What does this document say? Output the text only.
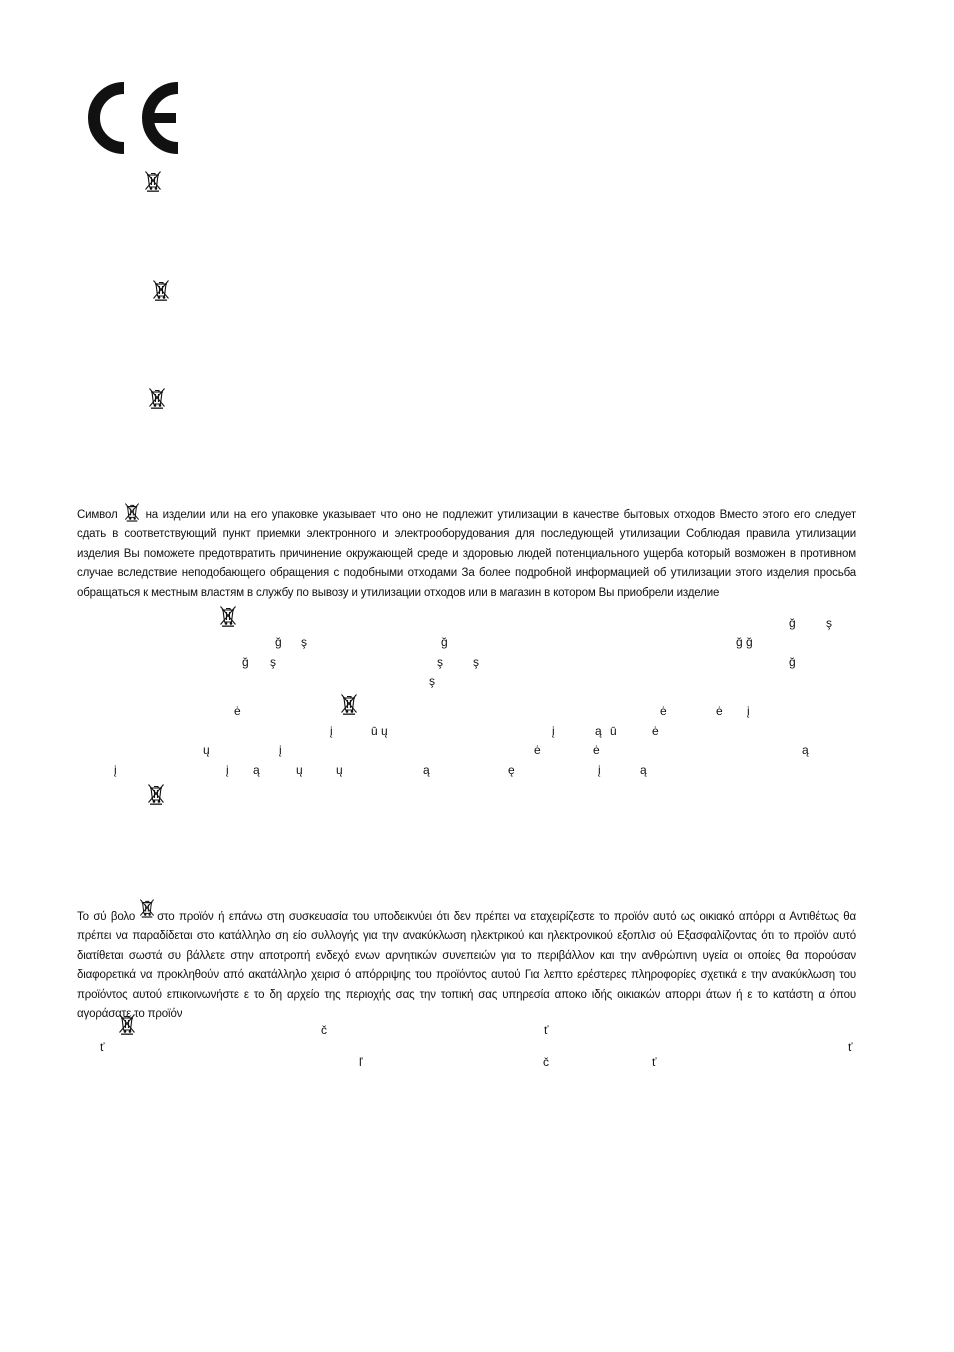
Символ на изделии или на его упаковке указывает что оно не подлежит утилизации в качестве бытовых отходов Вместо этого его следует сдать в соответствующий пункт приемки электронного и электрооборудования для последующей утилизации Соблюдая правила утилизации изделия Вы поможете предотвратить причинение окружающей среде и здоровью людей потенциального ущерба который возможен в противном случае вследствие неподобающего обращения с подобными отходами За более подробной информацией об утилизации этого изделия просьба обращаться к местным властям в службу по вывозу и утилизации отходов или в магазин в котором Вы приобрели изделие
ğ	ş
ğ ş	ğ	ğ ğ
ğ ş	ş	ş	ğ
ş
ė	ė	ė į
į	ū ų	į	ą ū	ė
ų	į	ė	ė	ą
į	į ą	ų	ų	ą	ę	į	ą
Το σύ βολο στο προϊόν ή επάνω στη συσκευασία του υποδεικνύει ότι δεν πρέπει να εταχειρίζεστε το προϊόν αυτό ως οικιακό απόρρι α Αντιθέτως θα πρέπει να παραδίδεται στο κατάλληλο ση είο συλλογής για την ανακύκλωση ηλεκτρικού και ηλεκτρονικού εξοπλισ ού Εξασφαλίζοντας ότι το προϊόν αυτό διατίθεται σωστά συ βάλλετε στην αποτροπή ενδεχό ενων αρνητικών συνεπειών για το περιβάλλον και την ανθρώπινη υγεία οι οποίες θα πορούσαν διαφορετικά να προκληθούν από ακατάλληλο χειρισ ό απόρριψης του προϊόντος αυτού Για λεπτο ερέστερες πληροφορίες σχετικά ε την ανακύκλωση του προϊόντος αυτού επικοινωνήστε ε το δη αρχείο της περιοχής σας την τοπική σας υπηρεσία αποκο ιδής οικιακών απορρι άτων ή ε το κατάστη α όπου αγοράσατε το προϊόν
č	ť
ť	ť
ľ	č	ť
